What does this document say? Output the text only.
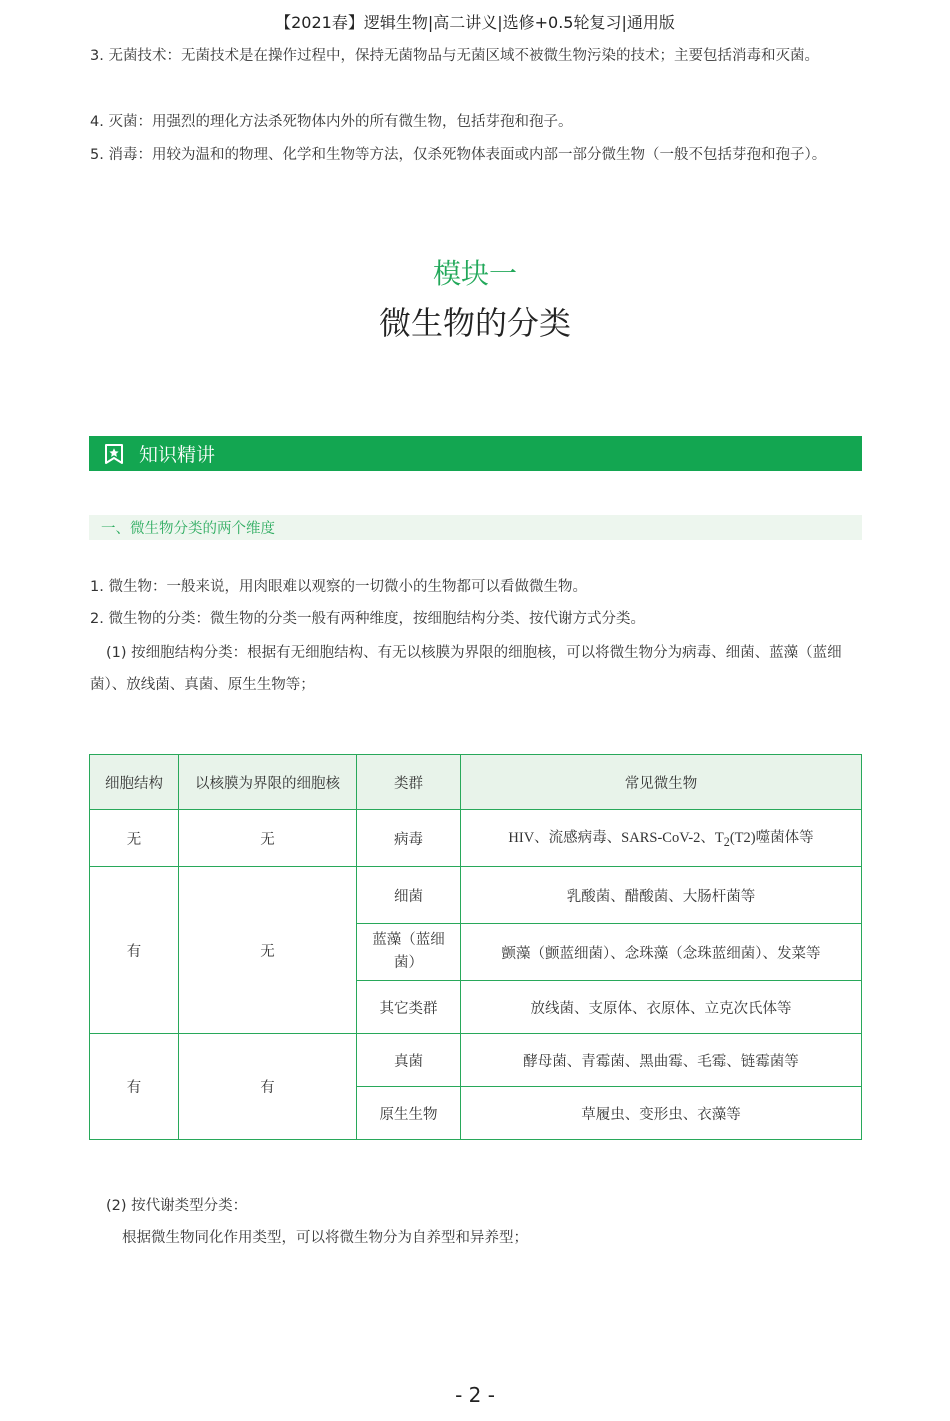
【2021春】逻辑生物|高二讲义|选修+0.5轮复习|通用版
3. 无菌技术：无菌技术是在操作过程中，保持无菌物品与无菌区域不被微生物污染的技术；主要包括消毒和灭菌。
4. 灭菌：用强烈的理化方法杀死物体内外的所有微生物，包括芽孢和孢子。
5. 消毒：用较为温和的物理、化学和生物等方法，仅杀死物体表面或内部一部分微生物（一般不包括芽孢和孢子）。
模块一
微生物的分类
知识精讲
一、微生物分类的两个维度
1. 微生物：一般来说，用肉眼难以观察的一切微小的生物都可以看做微生物。
2. 微生物的分类：微生物的分类一般有两种维度，按细胞结构分类、按代谢方式分类。
(1) 按细胞结构分类：根据有无细胞结构、有无以核膜为界限的细胞核，可以将微生物分为病毒、细菌、蓝藻（蓝细菌）、放线菌、真菌、原生生物等；
细胞结构	以核膜为界限的细胞核	类群	常见微生物
无	无	病毒	HIV、流感病毒、SARS-CoV-2、$T_2(T2)$噬菌体等
有	无	细菌	乳酸菌、醋酸菌、大肠杆菌等
		蓝藻（蓝细菌）	颤藻（颤蓝细菌）、念珠藻（念珠蓝细菌）、发菜等
		其它类群	放线菌、支原体、衣原体、立克次氏体等
有	有	真菌	酵母菌、青霉菌、黑曲霉、毛霉、链霉菌等
		原生生物	草履虫、变形虫、衣藻等
(2) 按代谢类型分类：
根据微生物同化作用类型，可以将微生物分为自养型和异养型；
- 2 -
